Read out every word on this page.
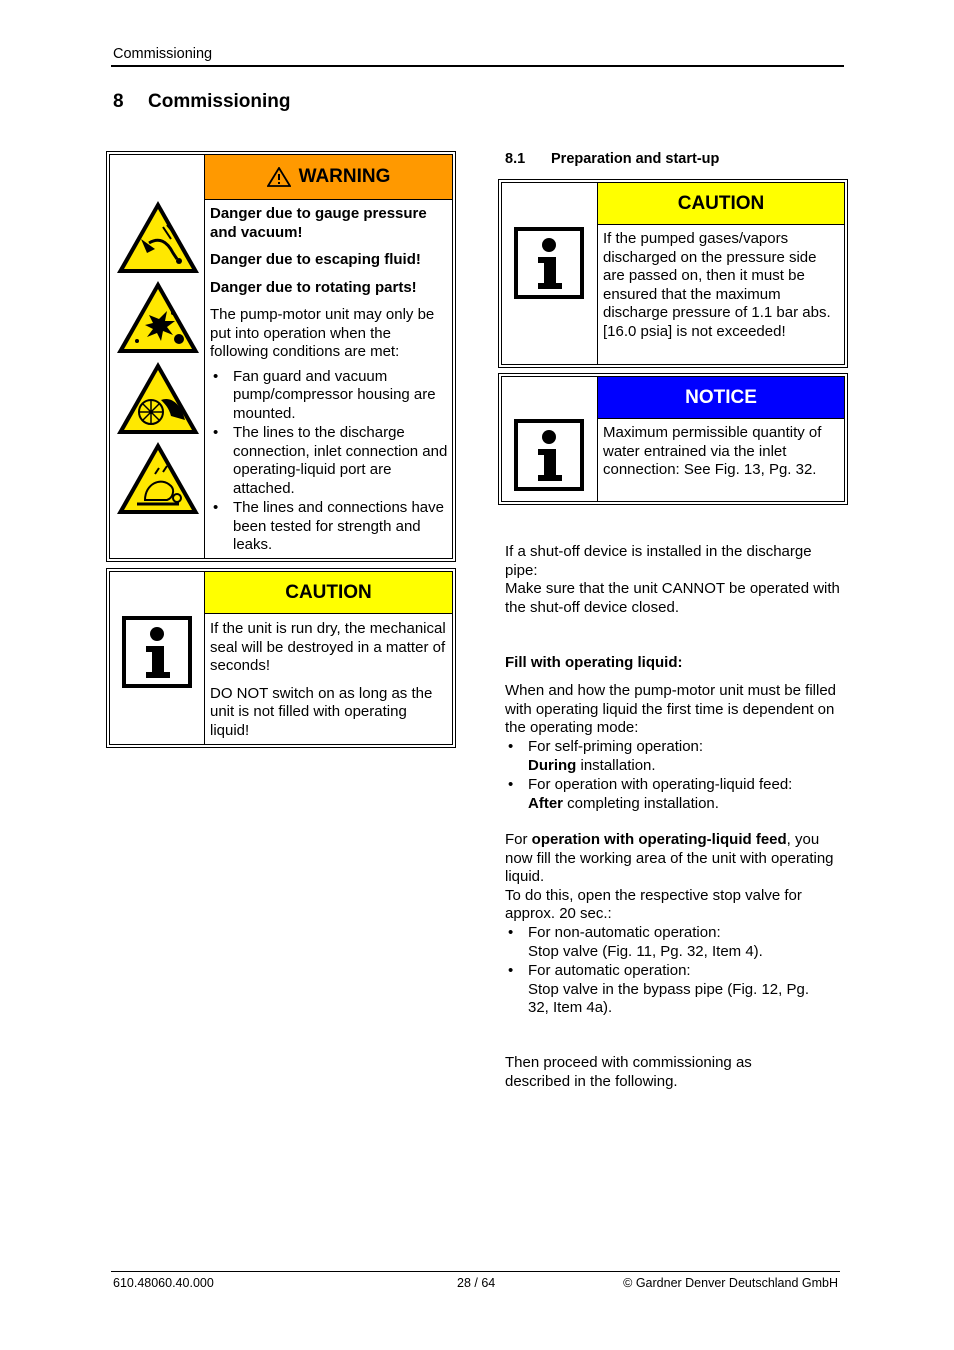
Commissioning
8 Commissioning
WARNING

Danger due to gauge pressure and vacuum!

Danger due to escaping fluid!

Danger due to rotating parts!

The pump-motor unit may only be put into operation when the following conditions are met:

• Fan guard and vacuum pump/compressor housing are mounted.
• The lines to the discharge connection, inlet connection and operating-liquid port are attached.
• The lines and connections have been tested for strength and leaks.
CAUTION

If the unit is run dry, the mechanical seal will be destroyed in a matter of seconds!

DO NOT switch on as long as the unit is not filled with operating liquid!

8.1 Preparation and start-up
CAUTION

If the pumped gases/vapors discharged on the pressure side are passed on, then it must be ensured that the maximum discharge pressure of 1.1 bar abs. [16.0 psia] is not exceeded!

NOTICE

Maximum permissible quantity of water entrained via the inlet connection: See Fig. 13, Pg. 32.

If a shut-off device is installed in the discharge pipe:
Make sure that the unit CANNOT be operated with the shut-off device closed.
Fill with operating liquid:
When and how the pump-motor unit must be filled with operating liquid the first time is dependent on the operating mode:
• For self-priming operation:
During installation.
• For operation with operating-liquid feed:
After completing installation.
For operation with operating-liquid feed, you now fill the working area of the unit with operating liquid.
To do this, open the respective stop valve for approx. 20 sec.:
• For non-automatic operation:
Stop valve (Fig. 11, Pg. 32, Item 4).
• For automatic operation:
Stop valve in the bypass pipe (Fig. 12, Pg. 32, Item 4a).
Then proceed with commissioning as described in the following.
610.48060.40.000	28 / 64	© Gardner Denver Deutschland GmbH
